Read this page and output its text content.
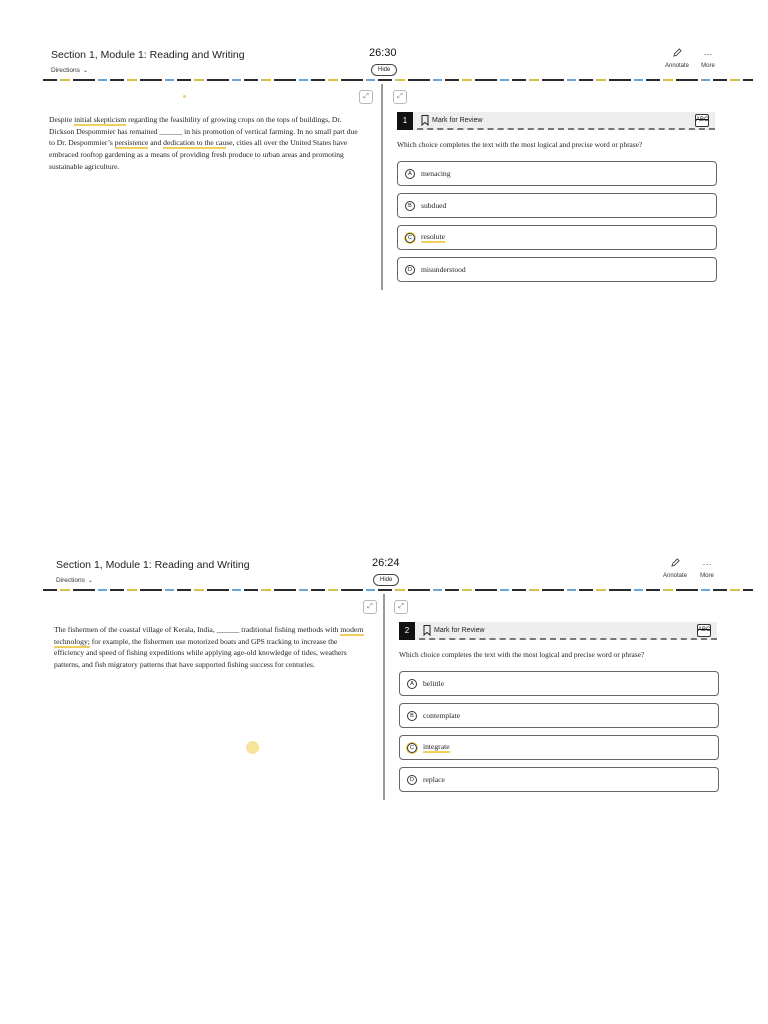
Section 1, Module 1: Reading and Writing
Directions ⌄
26:30
Hide
Annotate
···
More
⤢
Despite initial skepticism regarding the feasibility of growing crops on the tops of buildings, Dr. Dickson Despommier has remained ______ in his promotion of vertical farming. In no small part due to Dr. Despommier’s persistence and dedication to the cause, cities all over the United States have embraced rooftop gardening as a means of providing fresh produce to urban areas and promoting sustainable agriculture.
⤢
1	Mark for Review	ABC
Which choice completes the text with the most logical and precise word or phrase?
A	menacing
B	subdued
C	resolute
D	misunderstood
Section 1, Module 1: Reading and Writing
Directions ⌄
26:24
Hide
Annotate
···
More
⤢
The fishermen of the coastal village of Kerala, India, ______ traditional fishing methods with modern technology; for example, the fishermen use motorized boats and GPS tracking to increase the efficiency and speed of fishing expeditions while applying age-old knowledge of tides, weathers patterns, and fish migratory patterns that have supported fishing success for centuries.
⤢
2	Mark for Review	ABC
Which choice completes the text with the most logical and precise word or phrase?
A	belittle
B	contemplate
C	integrate
D	replace
